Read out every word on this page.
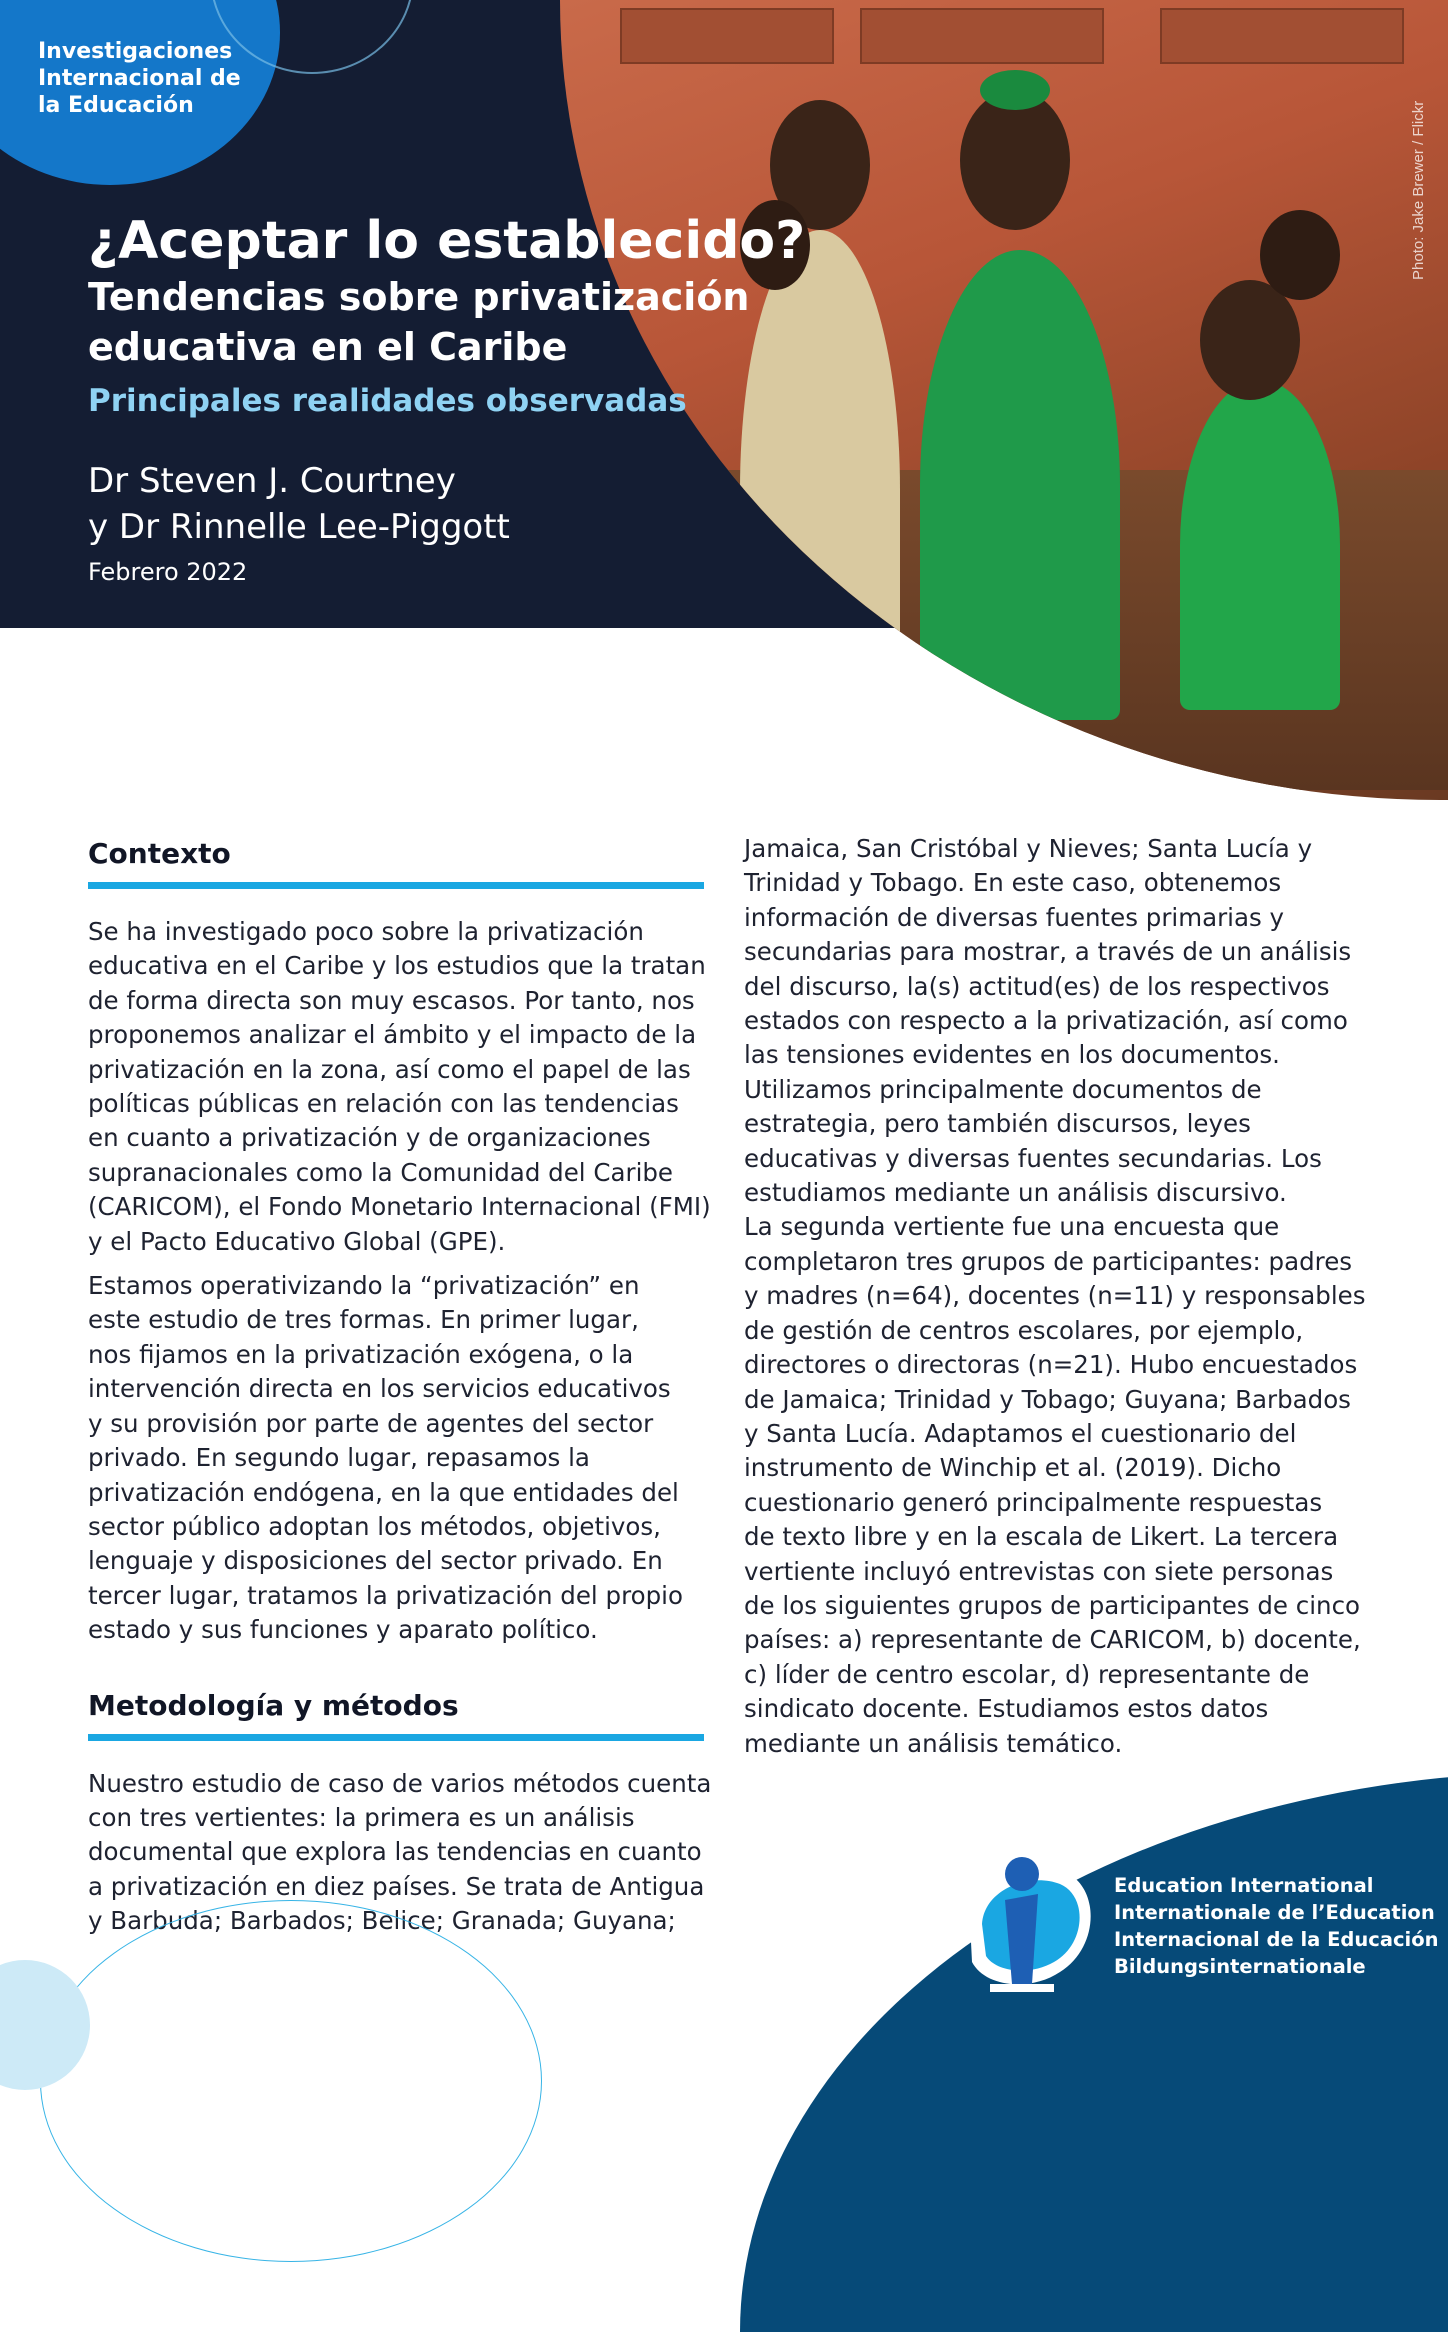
Photo: Jake Brewer / Flickr
Investigaciones
Internacional de
la Educación
¿Aceptar lo establecido?
Tendencias sobre privatización
educativa en el Caribe
Principales realidades observadas
Dr Steven J. Courtney
y Dr Rinnelle Lee-Piggott
Febrero 2022
Contexto

Se ha investigado poco sobre la privatización
educativa en el Caribe y los estudios que la tratan
de forma directa son muy escasos. Por tanto, nos
proponemos analizar el ámbito y el impacto de la
privatización en la zona, así como el papel de las
políticas públicas en relación con las tendencias
en cuanto a privatización y de organizaciones
supranacionales como la Comunidad del Caribe
(CARICOM), el Fondo Monetario Internacional (FMI)
y el Pacto Educativo Global (GPE).

Estamos operativizando la “privatización” en
este estudio de tres formas. En primer lugar,
nos fijamos en la privatización exógena, o la
intervención directa en los servicios educativos
y su provisión por parte de agentes del sector
privado. En segundo lugar, repasamos la
privatización endógena, en la que entidades del
sector público adoptan los métodos, objetivos,
lenguaje y disposiciones del sector privado. En
tercer lugar, tratamos la privatización del propio
estado y sus funciones y aparato político.

Metodología y métodos

Nuestro estudio de caso de varios métodos cuenta
con tres vertientes: la primera es un análisis
documental que explora las tendencias en cuanto
a privatización en diez países. Se trata de Antigua
y Barbuda; Barbados; Belice; Granada; Guyana;

Jamaica, San Cristóbal y Nieves; Santa Lucía y
Trinidad y Tobago. En este caso, obtenemos
información de diversas fuentes primarias y
secundarias para mostrar, a través de un análisis
del discurso, la(s) actitud(es) de los respectivos
estados con respecto a la privatización, así como
las tensiones evidentes en los documentos.
Utilizamos principalmente documentos de
estrategia, pero también discursos, leyes
educativas y diversas fuentes secundarias. Los
estudiamos mediante un análisis discursivo.
La segunda vertiente fue una encuesta que
completaron tres grupos de participantes: padres
y madres (n=64), docentes (n=11) y responsables
de gestión de centros escolares, por ejemplo,
directores o directoras (n=21). Hubo encuestados
de Jamaica; Trinidad y Tobago; Guyana; Barbados
y Santa Lucía. Adaptamos el cuestionario del
instrumento de Winchip et al. (2019). Dicho
cuestionario generó principalmente respuestas
de texto libre y en la escala de Likert. La tercera
vertiente incluyó entrevistas con siete personas
de los siguientes grupos de participantes de cinco
países: a) representante de CARICOM, b) docente,
c) líder de centro escolar, d) representante de
sindicato docente. Estudiamos estos datos
mediante un análisis temático.
Education International
Internationale de l’Education
Internacional de la Educación
Bildungsinternationale
